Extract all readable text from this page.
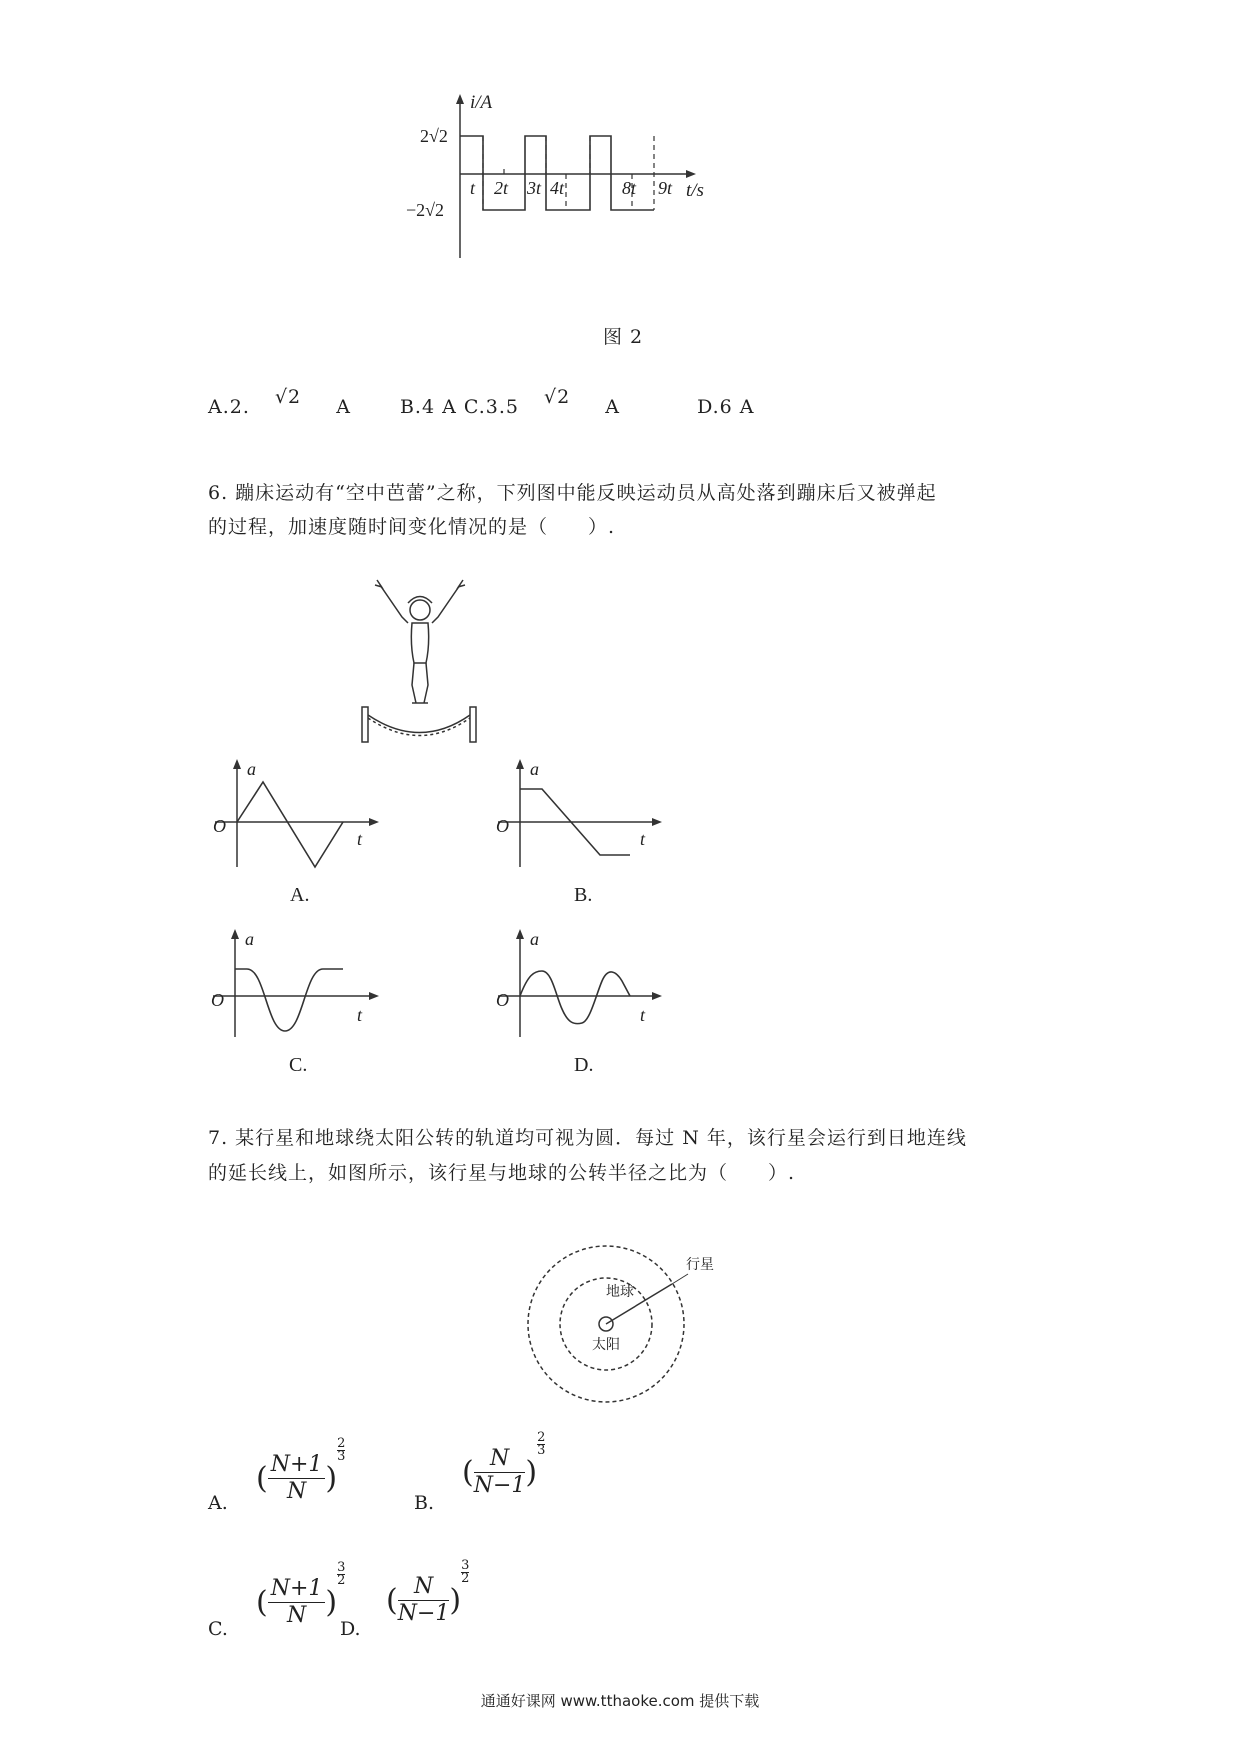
i/A
2√2
−2√2
t 2t 3t 4t	8t 9t t/s
图 2
A.2. √2 A	B.4 A C.3.5 √2 A	D.6 A
6. 蹦床运动有“空中芭蕾”之称，下列图中能反映运动员从高处落到蹦床后又被弹起
的过程，加速度随时间变化情况的是（　　）.
a
t
O
A.
a
t
O
B.
a
t
O
C.
a
t
O
D.
7. 某行星和地球绕太阳公转的轨道均可视为圆．每过 N 年，该行星会运行到日地连线
的延长线上，如图所示，该行星与地球的公转半径之比为（　　）.
行星
地球
太阳
A.
( $\frac{N+1}{N}$ )
$\frac{2}{3}$
B.
( $\frac{N}{N-1}$ )
$\frac{2}{3}$
C.
( $\frac{N+1}{N}$ )
$\frac{3}{2}$
D.
( $\frac{N}{N-1}$ )
$\frac{3}{2}$
通通好课网 www.tthaoke.com 提供下载
